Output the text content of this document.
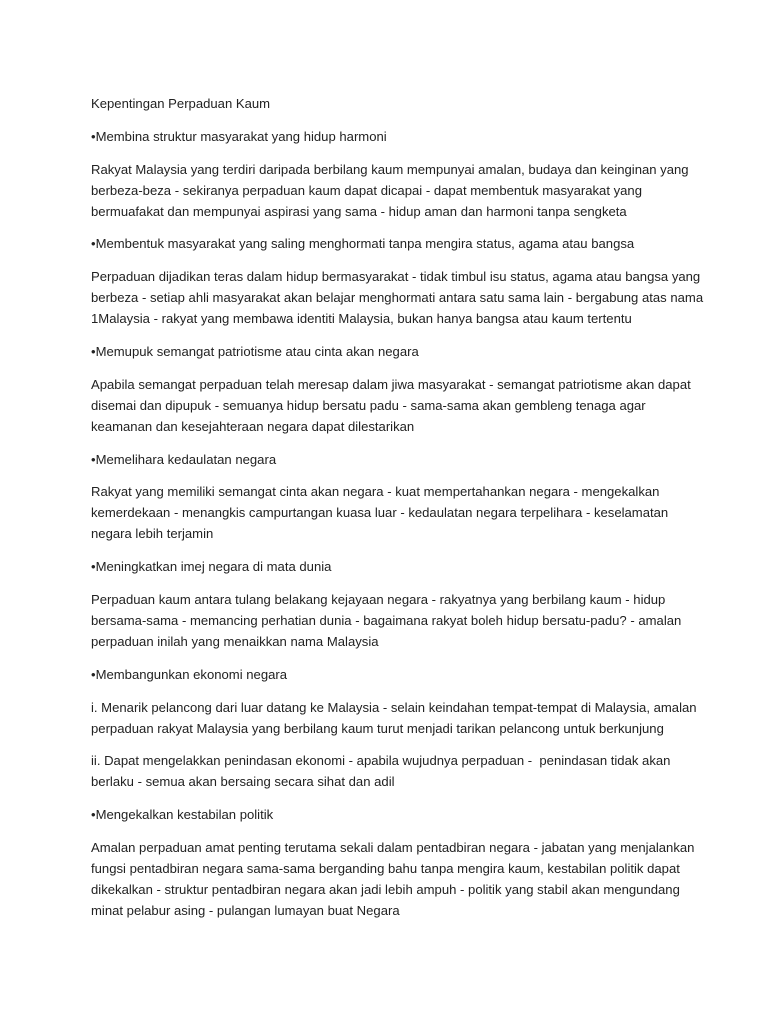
Kepentingan Perpaduan Kaum
•Membina struktur masyarakat yang hidup harmoni
Rakyat Malaysia yang terdiri daripada berbilang kaum mempunyai amalan, budaya dan keinginan yang
berbeza-beza - sekiranya perpaduan kaum dapat dicapai - dapat membentuk masyarakat yang
bermuafakat dan mempunyai aspirasi yang sama - hidup aman dan harmoni tanpa sengketa
•Membentuk masyarakat yang saling menghormati tanpa mengira status, agama atau bangsa
Perpaduan dijadikan teras dalam hidup bermasyarakat - tidak timbul isu status, agama atau bangsa yang
berbeza - setiap ahli masyarakat akan belajar menghormati antara satu sama lain - bergabung atas nama
1Malaysia - rakyat yang membawa identiti Malaysia, bukan hanya bangsa atau kaum tertentu
•Memupuk semangat patriotisme atau cinta akan negara
Apabila semangat perpaduan telah meresap dalam jiwa masyarakat - semangat patriotisme akan dapat
disemai dan dipupuk - semuanya hidup bersatu padu - sama-sama akan gembleng tenaga agar
keamanan dan kesejahteraan negara dapat dilestarikan
•Memelihara kedaulatan negara
Rakyat yang memiliki semangat cinta akan negara - kuat mempertahankan negara - mengekalkan
kemerdekaan - menangkis campurtangan kuasa luar - kedaulatan negara terpelihara - keselamatan
negara lebih terjamin
•Meningkatkan imej negara di mata dunia
Perpaduan kaum antara tulang belakang kejayaan negara - rakyatnya yang berbilang kaum - hidup
bersama-sama - memancing perhatian dunia - bagaimana rakyat boleh hidup bersatu-padu? - amalan
perpaduan inilah yang menaikkan nama Malaysia
•Membangunkan ekonomi negara
i. Menarik pelancong dari luar datang ke Malaysia - selain keindahan tempat-tempat di Malaysia, amalan
perpaduan rakyat Malaysia yang berbilang kaum turut menjadi tarikan pelancong untuk berkunjung
ii. Dapat mengelakkan penindasan ekonomi - apabila wujudnya perpaduan -  penindasan tidak akan
berlaku - semua akan bersaing secara sihat dan adil
•Mengekalkan kestabilan politik
Amalan perpaduan amat penting terutama sekali dalam pentadbiran negara - jabatan yang menjalankan
fungsi pentadbiran negara sama-sama berganding bahu tanpa mengira kaum, kestabilan politik dapat
dikekalkan - struktur pentadbiran negara akan jadi lebih ampuh - politik yang stabil akan mengundang
minat pelabur asing - pulangan lumayan buat Negara
